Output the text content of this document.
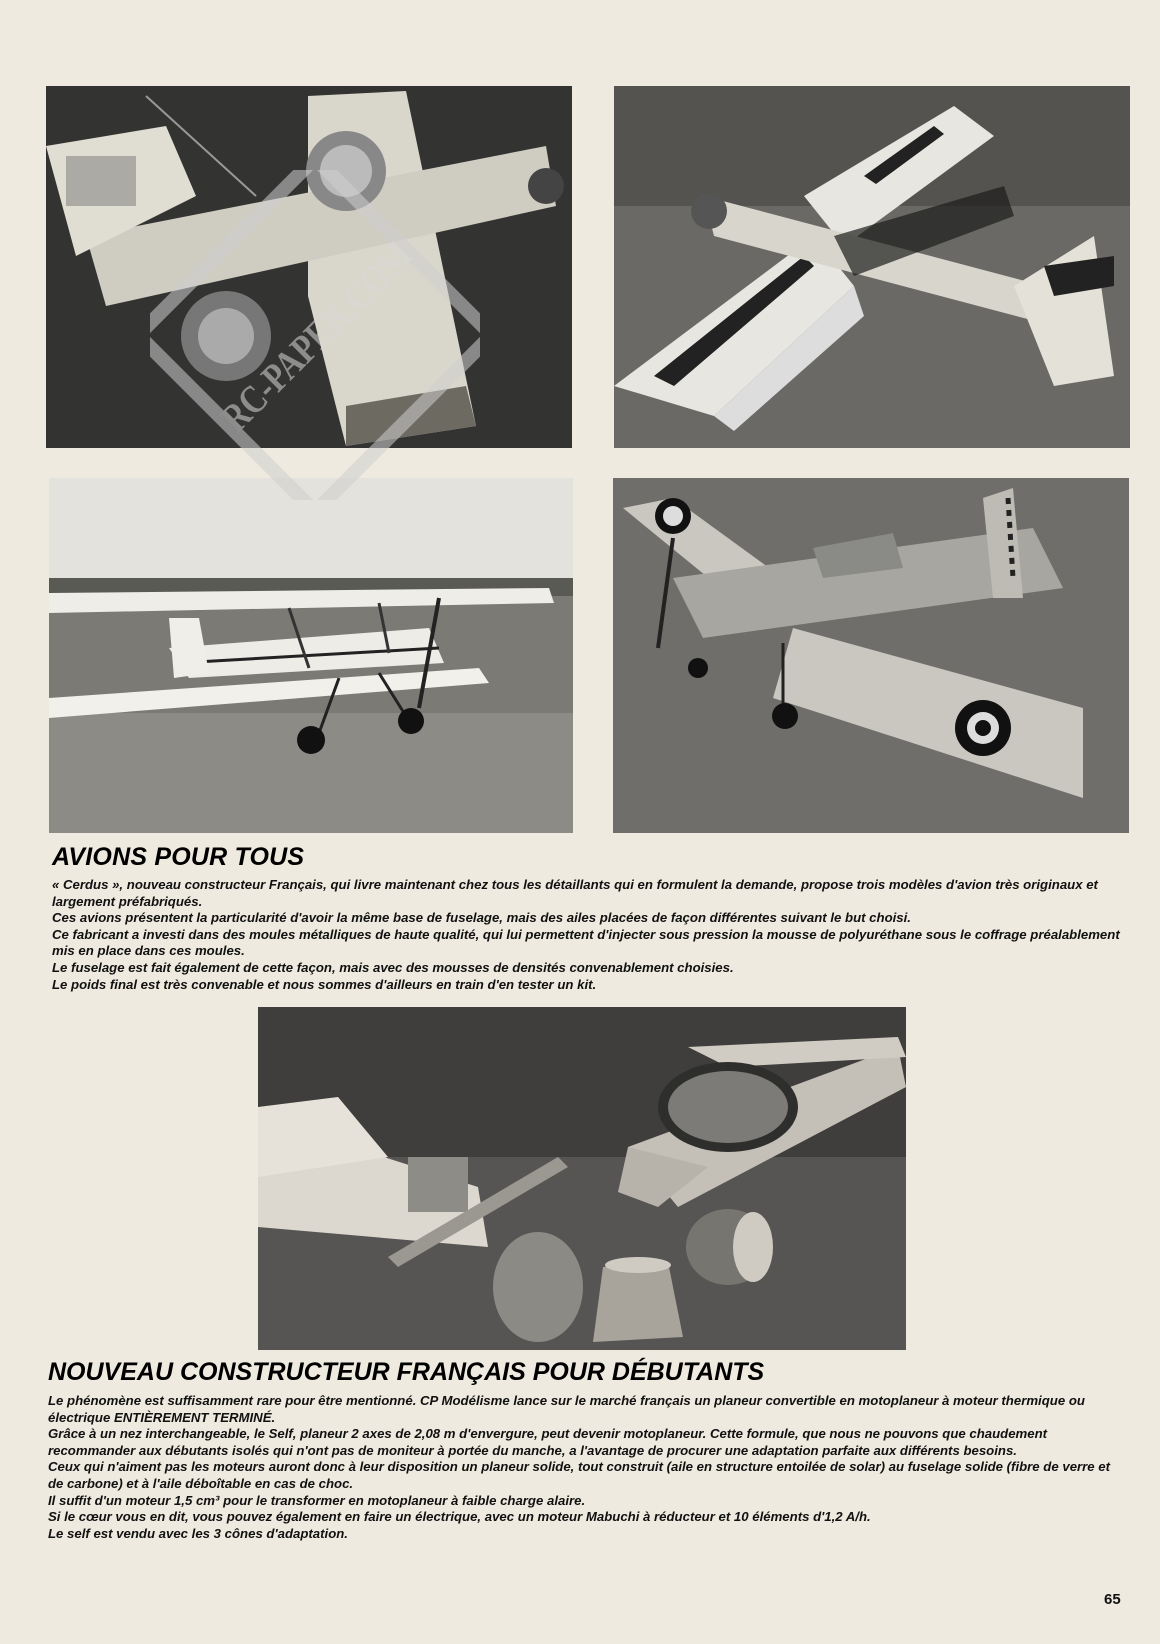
RC-PAPER.COM
AVIONS POUR TOUS

« Cerdus », nouveau constructeur Français, qui livre maintenant chez tous les détaillants qui en formulent la demande, propose trois modèles d'avion très originaux et largement préfabriqués.

Ces avions présentent la particularité d'avoir la même base de fuselage, mais des ailes placées de façon différentes suivant le but choisi.

Ce fabricant a investi dans des moules métalliques de haute qualité, qui lui permettent d'injecter sous pression la mousse de polyuréthane sous le coffrage préalablement mis en place dans ces moules.

Le fuselage est fait également de cette façon, mais avec des mousses de densités convenablement choisies.

Le poids final est très convenable et nous sommes d'ailleurs en train d'en tester un kit.

NOUVEAU CONSTRUCTEUR FRANÇAIS POUR DÉBUTANTS

Le phénomène est suffisamment rare pour être mentionné. CP Modélisme lance sur le marché français un planeur convertible en motoplaneur à moteur thermique ou électrique ENTIÈREMENT TERMINÉ.

Grâce à un nez interchangeable, le Self, planeur 2 axes de 2,08 m d'envergure, peut devenir motoplaneur. Cette formule, que nous ne pouvons que chaudement recommander aux débutants isolés qui n'ont pas de moniteur à portée du manche, a l'avantage de procurer une adaptation parfaite aux différents besoins.

Ceux qui n'aiment pas les moteurs auront donc à leur disposition un planeur solide, tout construit (aile en structure entoilée de solar) au fuselage solide (fibre de verre et de carbone) et à l'aile déboîtable en cas de choc.

Il suffit d'un moteur 1,5 cm³ pour le transformer en motoplaneur à faible charge alaire.

Si le cœur vous en dit, vous pouvez également en faire un électrique, avec un moteur Mabuchi à réducteur et 10 éléments d'1,2 A/h.

Le self est vendu avec les 3 cônes d'adaptation.

65
